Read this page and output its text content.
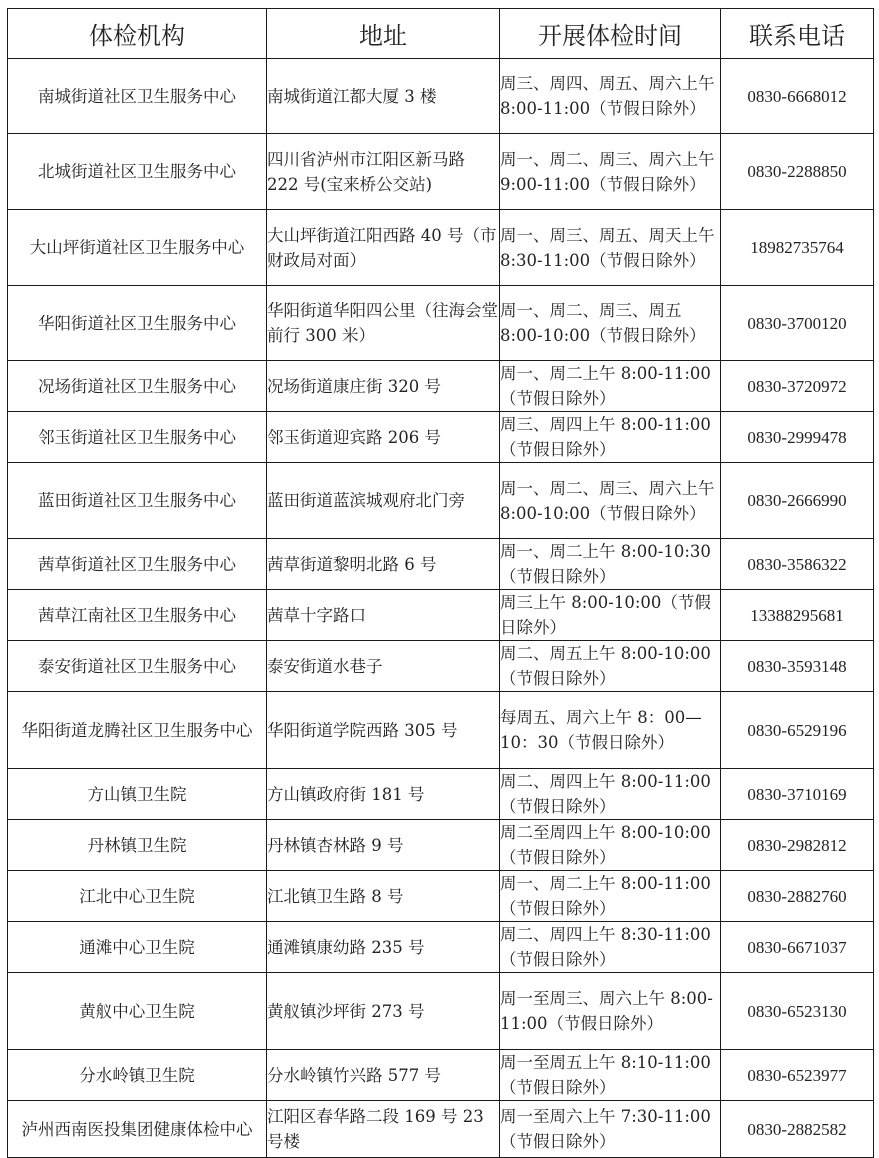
体检机构	地址	开展体检时间	联系电话
南城街道社区卫生服务中心	南城街道江都大厦 3 楼	周三、周四、周五、周六上午 8:00-11:00（节假日除外）	0830-6668012
北城街道社区卫生服务中心	四川省泸州市江阳区新马路 222 号(宝来桥公交站)	周一、周二、周三、周六上午 9:00-11:00（节假日除外）	0830-2288850
大山坪街道社区卫生服务中心	大山坪街道江阳西路 40 号（市财政局对面）	周一、周三、周五、周天上午 8:30-11:00（节假日除外）	18982735764
华阳街道社区卫生服务中心	华阳街道华阳四公里（往海会堂前行 300 米）	周一、周二、周三、周五 8:00-10:00（节假日除外）	0830-3700120
况场街道社区卫生服务中心	况场街道康庄街 320 号	周一、周二上午 8:00-11:00（节假日除外）	0830-3720972
邻玉街道社区卫生服务中心	邻玉街道迎宾路 206 号	周三、周四上午 8:00-11:00（节假日除外）	0830-2999478
蓝田街道社区卫生服务中心	蓝田街道蓝滨城观府北门旁	周一、周二、周三、周六上午 8:00-10:00（节假日除外）	0830-2666990
茜草街道社区卫生服务中心	茜草街道黎明北路 6 号	周一、周二上午 8:00-10:30（节假日除外）	0830-3586322
茜草江南社区卫生服务中心	茜草十字路口	周三上午 8:00-10:00（节假日除外）	13388295681
泰安街道社区卫生服务中心	泰安街道水巷子	周二、周五上午 8:00-10:00（节假日除外）	0830-3593148
华阳街道龙腾社区卫生服务中心	华阳街道学院西路 305 号	每周五、周六上午 8：00—10：30（节假日除外）	0830-6529196
方山镇卫生院	方山镇政府街 181 号	周二、周四上午 8:00-11:00（节假日除外）	0830-3710169
丹林镇卫生院	丹林镇杏林路 9 号	周二至周四上午 8:00-10:00（节假日除外）	0830-2982812
江北中心卫生院	江北镇卫生路 8 号	周一、周二上午 8:00-11:00（节假日除外）	0830-2882760
通滩中心卫生院	通滩镇康幼路 235 号	周二、周四上午 8:30-11:00（节假日除外）	0830-6671037
黄舣中心卫生院	黄舣镇沙坪街 273 号	周一至周三、周六上午 8:00-11:00（节假日除外）	0830-6523130
分水岭镇卫生院	分水岭镇竹兴路 577 号	周一至周五上午 8:10-11:00（节假日除外）	0830-6523977
泸州西南医投集团健康体检中心	江阳区春华路二段 169 号 23 号楼	周一至周六上午 7:30-11:00（节假日除外）	0830-2882582
